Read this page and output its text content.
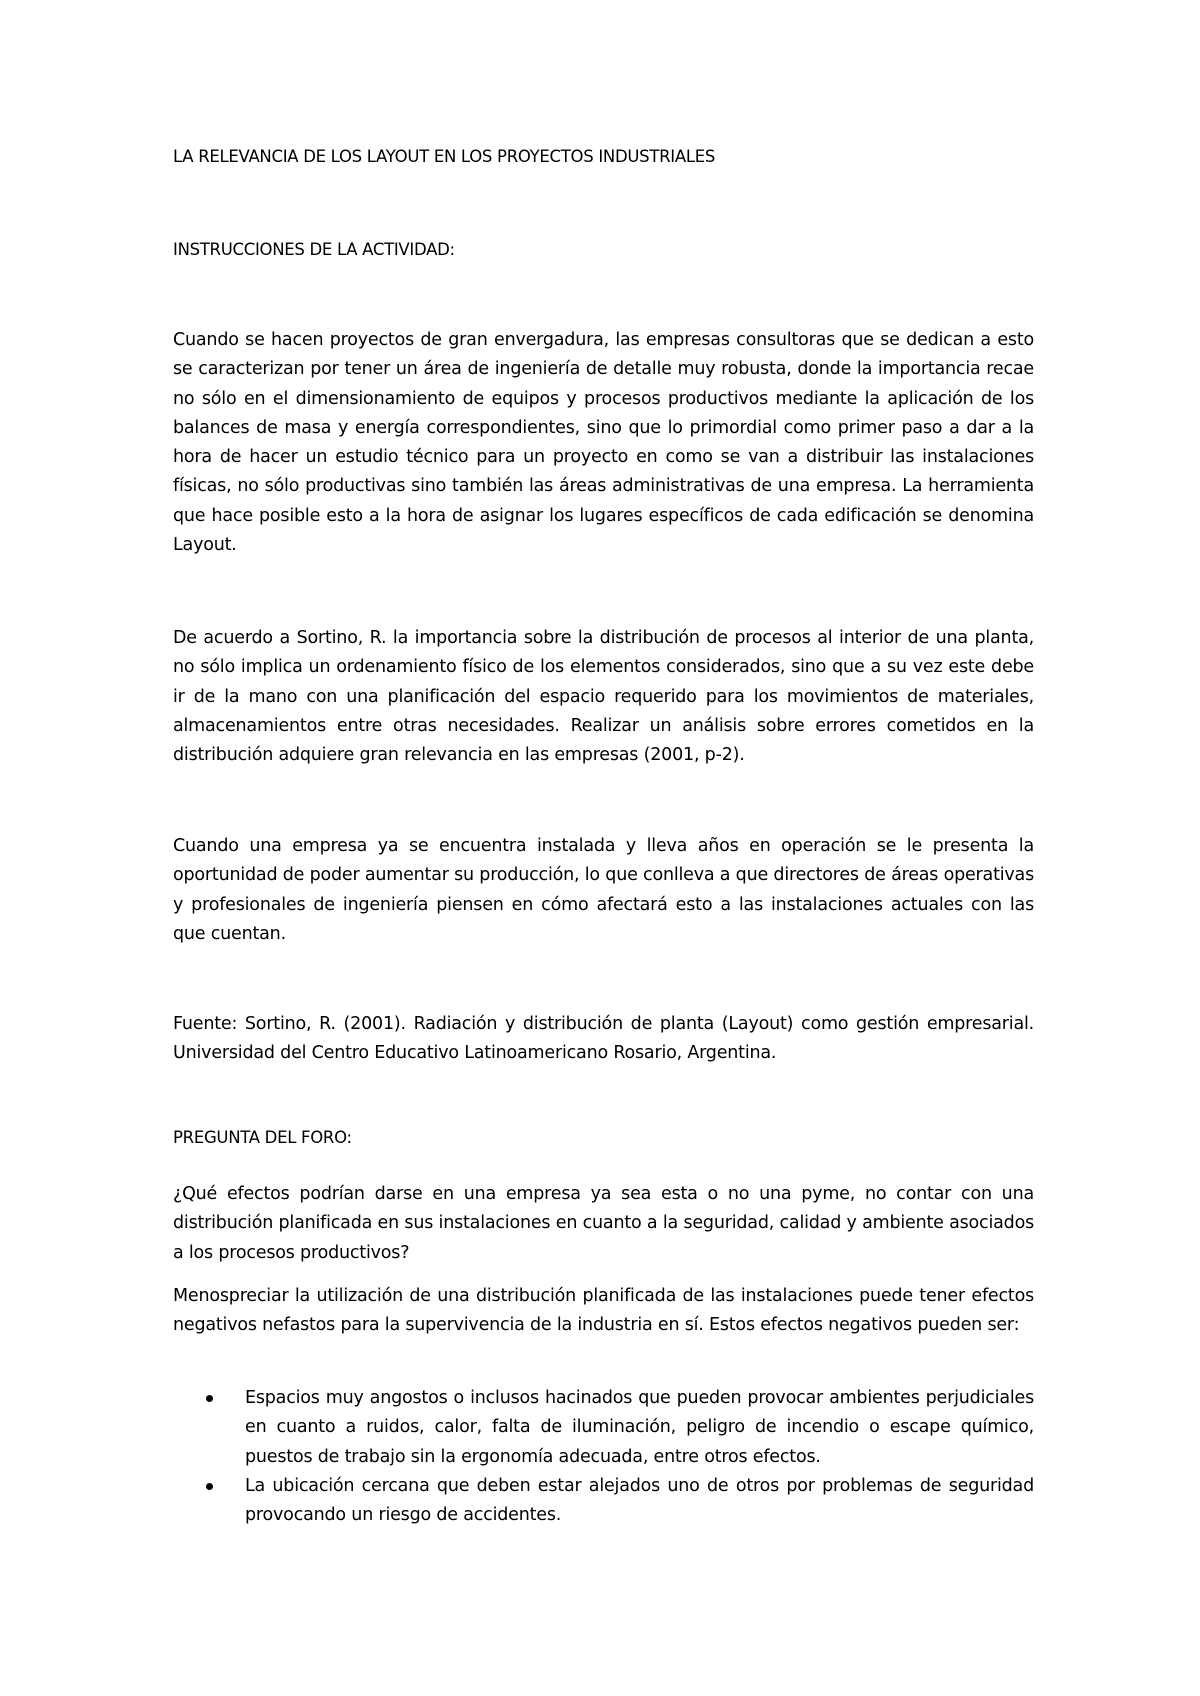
LA RELEVANCIA DE LOS LAYOUT EN LOS PROYECTOS INDUSTRIALES
INSTRUCCIONES DE LA ACTIVIDAD:

Cuando se hacen proyectos de gran envergadura, las empresas consultoras que se dedican a esto se caracterizan por tener un área de ingeniería de detalle muy robusta, donde la importancia recae no sólo en el dimensionamiento de equipos y procesos productivos mediante la aplicación de los balances de masa y energía correspondientes, sino que lo primordial como primer paso a dar a la hora de hacer un estudio técnico para un proyecto en como se van a distribuir las instalaciones físicas, no sólo productivas sino también las áreas administrativas de una empresa. La herramienta que hace posible esto a la hora de asignar los lugares específicos de cada edificación se denomina Layout.

De acuerdo a Sortino, R. la importancia sobre la distribución de procesos al interior de una planta, no sólo implica un ordenamiento físico de los elementos considerados, sino que a su vez este debe ir de la mano con una planificación del espacio requerido para los movimientos de materiales, almacenamientos entre otras necesidades. Realizar un análisis sobre errores cometidos en la distribución adquiere gran relevancia en las empresas (2001, p-2).

Cuando una empresa ya se encuentra instalada y lleva años en operación se le presenta la oportunidad de poder aumentar su producción, lo que conlleva a que directores de áreas operativas y profesionales de ingeniería piensen en cómo afectará esto a las instalaciones actuales con las que cuentan.

Fuente: Sortino, R. (2001). Radiación y distribución de planta (Layout) como gestión empresarial. Universidad del Centro Educativo Latinoamericano Rosario, Argentina.

PREGUNTA DEL FORO:

¿Qué efectos podrían darse en una empresa ya sea esta o no una pyme, no contar con una distribución planificada en sus instalaciones en cuanto a la seguridad, calidad y ambiente asociados a los procesos productivos?

Menospreciar la utilización de una distribución planificada de las instalaciones puede tener efectos negativos nefastos para la supervivencia de la industria en sí. Estos efectos negativos pueden ser:

Espacios muy angostos o inclusos hacinados que pueden provocar ambientes perjudiciales en cuanto a ruidos, calor, falta de iluminación, peligro de incendio o escape químico, puestos de trabajo sin la ergonomía adecuada, entre otros efectos.
La ubicación cercana que deben estar alejados uno de otros por problemas de seguridad provocando un riesgo de accidentes.
